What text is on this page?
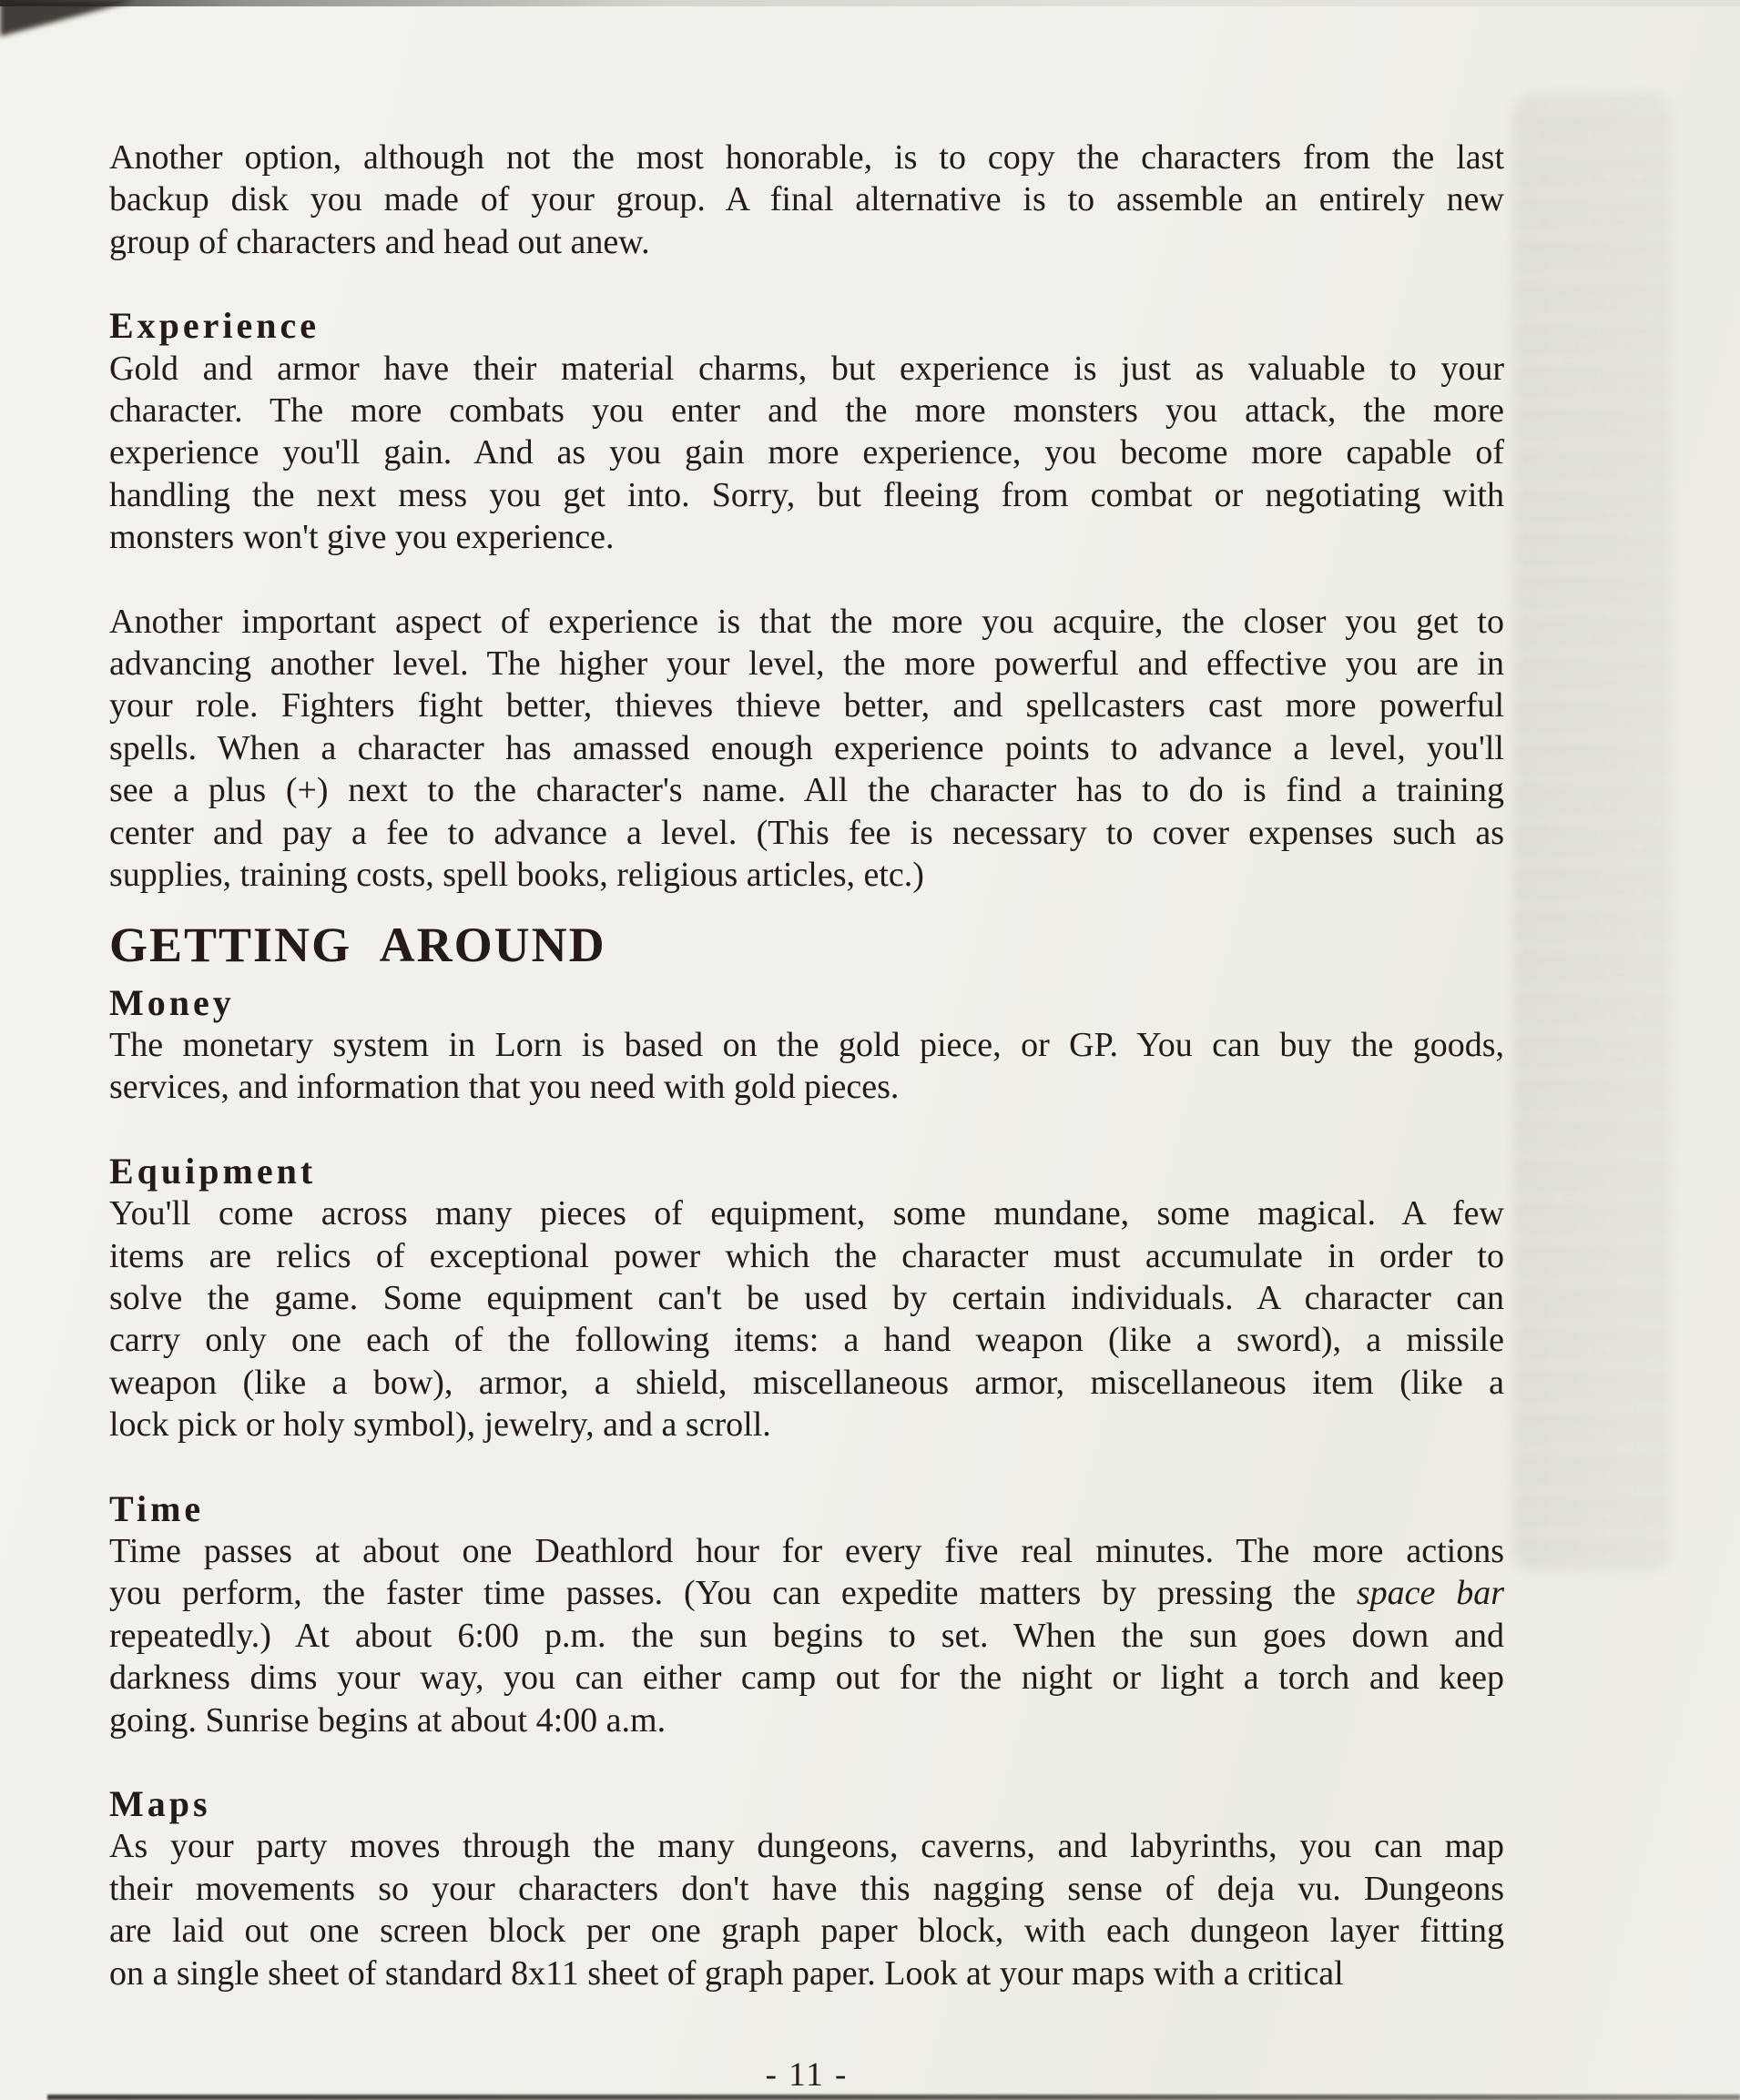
Another option, although not the most honorable, is to copy the characters from the last
backup disk you made of your group. A final alternative is to assemble an entirely new
group of characters and head out anew.
Experience
Gold and armor have their material charms, but experience is just as valuable to your
character. The more combats you enter and the more monsters you attack, the more
experience you'll gain. And as you gain more experience, you become more capable of
handling the next mess you get into. Sorry, but fleeing from combat or negotiating with
monsters won't give you experience.
Another important aspect of experience is that the more you acquire, the closer you get to
advancing another level. The higher your level, the more powerful and effective you are in
your role. Fighters fight better, thieves thieve better, and spellcasters cast more powerful
spells. When a character has amassed enough experience points to advance a level, you'll
see a plus (+) next to the character's name. All the character has to do is find a training
center and pay a fee to advance a level. (This fee is necessary to cover expenses such as
supplies, training costs, spell books, religious articles, etc.)
GETTING AROUND
Money
The monetary system in Lorn is based on the gold piece, or GP. You can buy the goods,
services, and information that you need with gold pieces.
Equipment
You'll come across many pieces of equipment, some mundane, some magical. A few
items are relics of exceptional power which the character must accumulate in order to
solve the game. Some equipment can't be used by certain individuals. A character can
carry only one each of the following items: a hand weapon (like a sword), a missile
weapon (like a bow), armor, a shield, miscellaneous armor, miscellaneous item (like a
lock pick or holy symbol), jewelry, and a scroll.
Time
Time passes at about one Deathlord hour for every five real minutes. The more actions
you perform, the faster time passes. (You can expedite matters by pressing the space bar
repeatedly.) At about 6:00 p.m. the sun begins to set. When the sun goes down and
darkness dims your way, you can either camp out for the night or light a torch and keep
going. Sunrise begins at about 4:00 a.m.
Maps
As your party moves through the many dungeons, caverns, and labyrinths, you can map
their movements so your characters don't have this nagging sense of deja vu. Dungeons
are laid out one screen block per one graph paper block, with each dungeon layer fitting
on a single sheet of standard 8x11 sheet of graph paper. Look at your maps with a critical
- 11 -
